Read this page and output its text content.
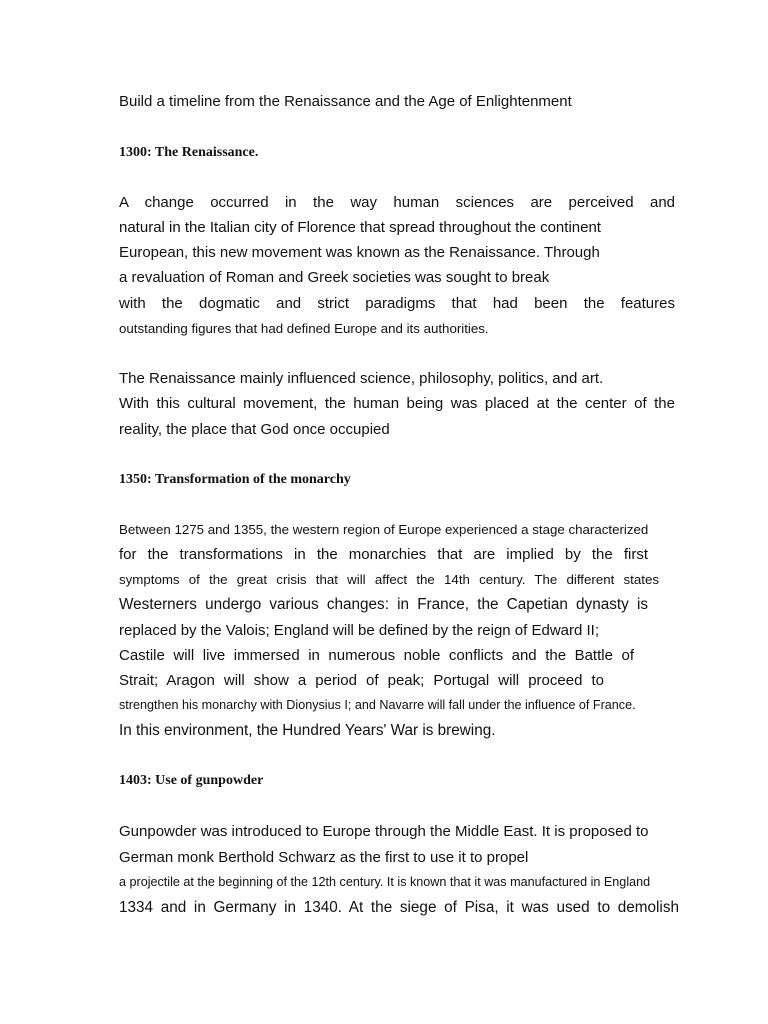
Build a timeline from the Renaissance and the Age of Enlightenment
1300: The Renaissance.
A change occurred in the way human sciences are perceived and
natural in the Italian city of Florence that spread throughout the continent
European, this new movement was known as the Renaissance. Through
a revaluation of Roman and Greek societies was sought to break
with the dogmatic and strict paradigms that had been the features
outstanding figures that had defined Europe and its authorities.
The Renaissance mainly influenced science, philosophy, politics, and art.
With this cultural movement, the human being was placed at the center of the
reality, the place that God once occupied
1350: Transformation of the monarchy
Between 1275 and 1355, the western region of Europe experienced a stage characterized
for the transformations in the monarchies that are implied by the first
symptoms of the great crisis that will affect the 14th century. The different states
Westerners undergo various changes: in France, the Capetian dynasty is
replaced by the Valois; England will be defined by the reign of Edward II;
Castile will live immersed in numerous noble conflicts and the Battle of
Strait; Aragon will show a period of peak; Portugal will proceed to
strengthen his monarchy with Dionysius I; and Navarre will fall under the influence of France.
In this environment, the Hundred Years' War is brewing.
1403: Use of gunpowder
Gunpowder was introduced to Europe through the Middle East. It is proposed to
German monk Berthold Schwarz as the first to use it to propel
a projectile at the beginning of the 12th century. It is known that it was manufactured in England
1334 and in Germany in 1340. At the siege of Pisa, it was used to demolish
